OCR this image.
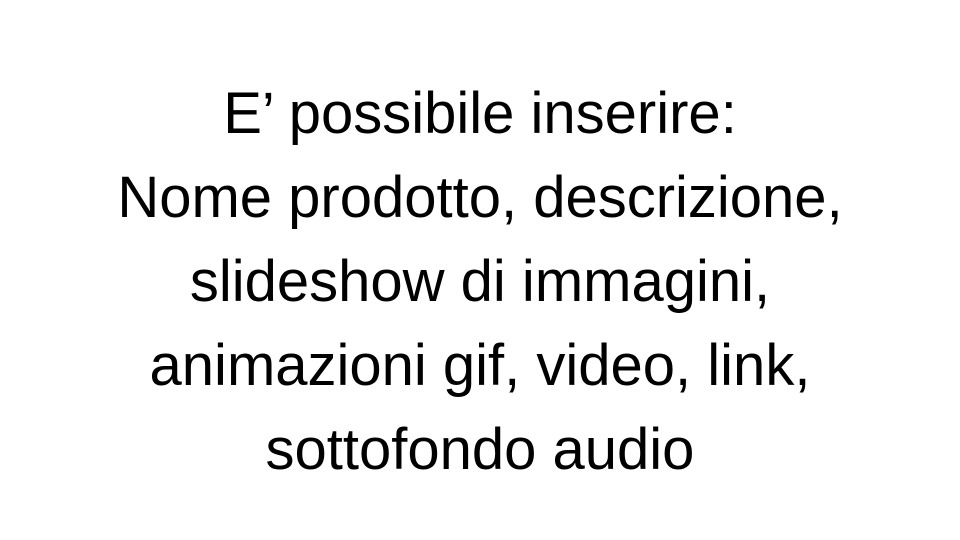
E’ possibile inserire:
Nome prodotto, descrizione,
slideshow di immagini,
animazioni gif, video, link,
sottofondo audio
